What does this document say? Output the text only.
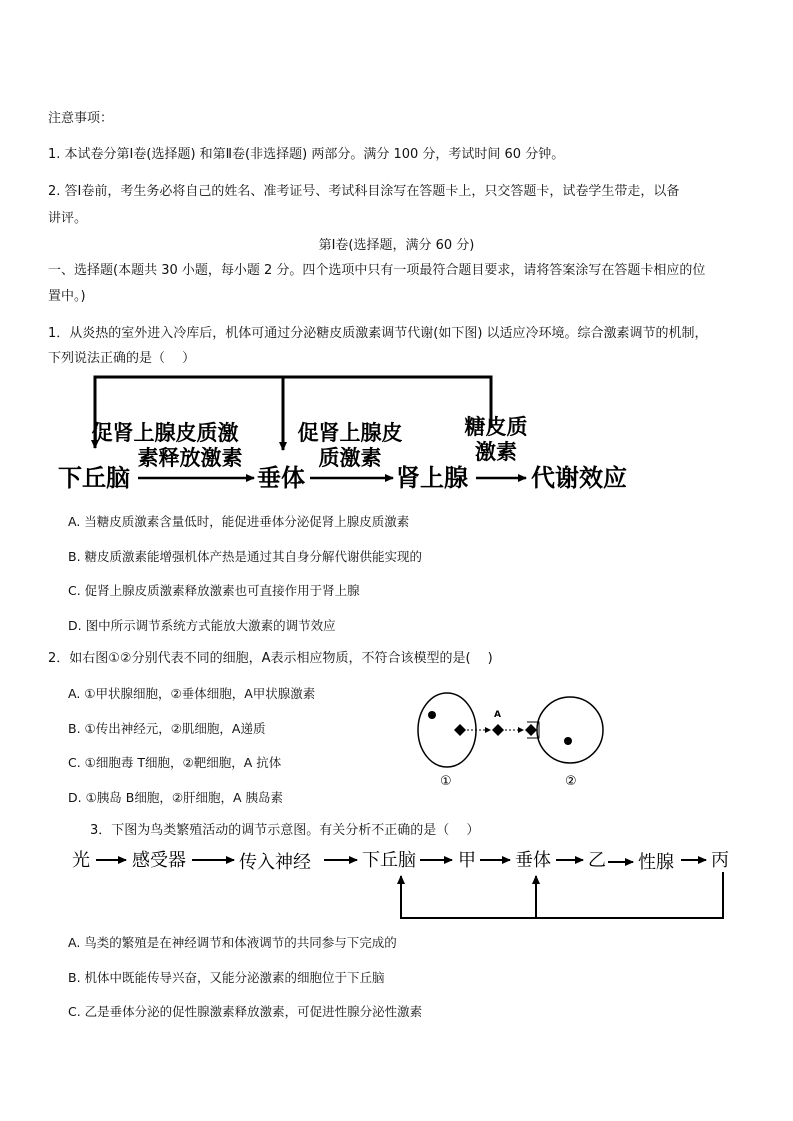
注意事项：
1. 本试卷分第Ⅰ卷(选择题) 和第Ⅱ卷(非选择题) 两部分。满分 100 分，考试时间 60 分钟。
2. 答Ⅰ卷前，考生务必将自己的姓名、准考证号、考试科目涂写在答题卡上，只交答题卡，试卷学生带走，以备
讲评。
第Ⅰ卷(选择题，满分 60 分)
一、选择题(本题共 30 小题，每小题 2 分。四个选项中只有一项最符合题目要求，请将答案涂写在答题卡相应的位
置中。)
1．从炎热的室外进入冷库后，机体可通过分泌糖皮质激素调节代谢(如下图) 以适应冷环境。综合激素调节的机制，
下列说法正确的是（　 ）
促肾上腺皮质激
素释放激素
促肾上腺皮
质激素
糖皮质
激素
下丘脑	垂体	肾上腺	代谢效应
A. 当糖皮质激素含量低时，能促进垂体分泌促肾上腺皮质激素
B. 糖皮质激素能增强机体产热是通过其自身分解代谢供能实现的
C. 促肾上腺皮质激素释放激素也可直接作用于肾上腺
D. 图中所示调节系统方式能放大激素的调节效应
2．如右图①②分别代表不同的细胞，A表示相应物质，不符合该模型的是(　 )
A. ①甲状腺细胞，②垂体细胞，A甲状腺激素
B. ①传出神经元，②肌细胞，A递质
C. ①细胞毒 T细胞，②靶细胞，A 抗体
D. ①胰岛 B细胞，②肝细胞，A 胰岛素
A
①	②
3．下图为鸟类繁殖活动的调节示意图。有关分析不正确的是（　 ）
光 感受器	传入神经	下丘脑 甲 垂体 乙 性腺 丙
A. 鸟类的繁殖是在神经调节和体液调节的共同参与下完成的
B. 机体中既能传导兴奋，又能分泌激素的细胞位于下丘脑
C. 乙是垂体分泌的促性腺激素释放激素，可促进性腺分泌性激素
